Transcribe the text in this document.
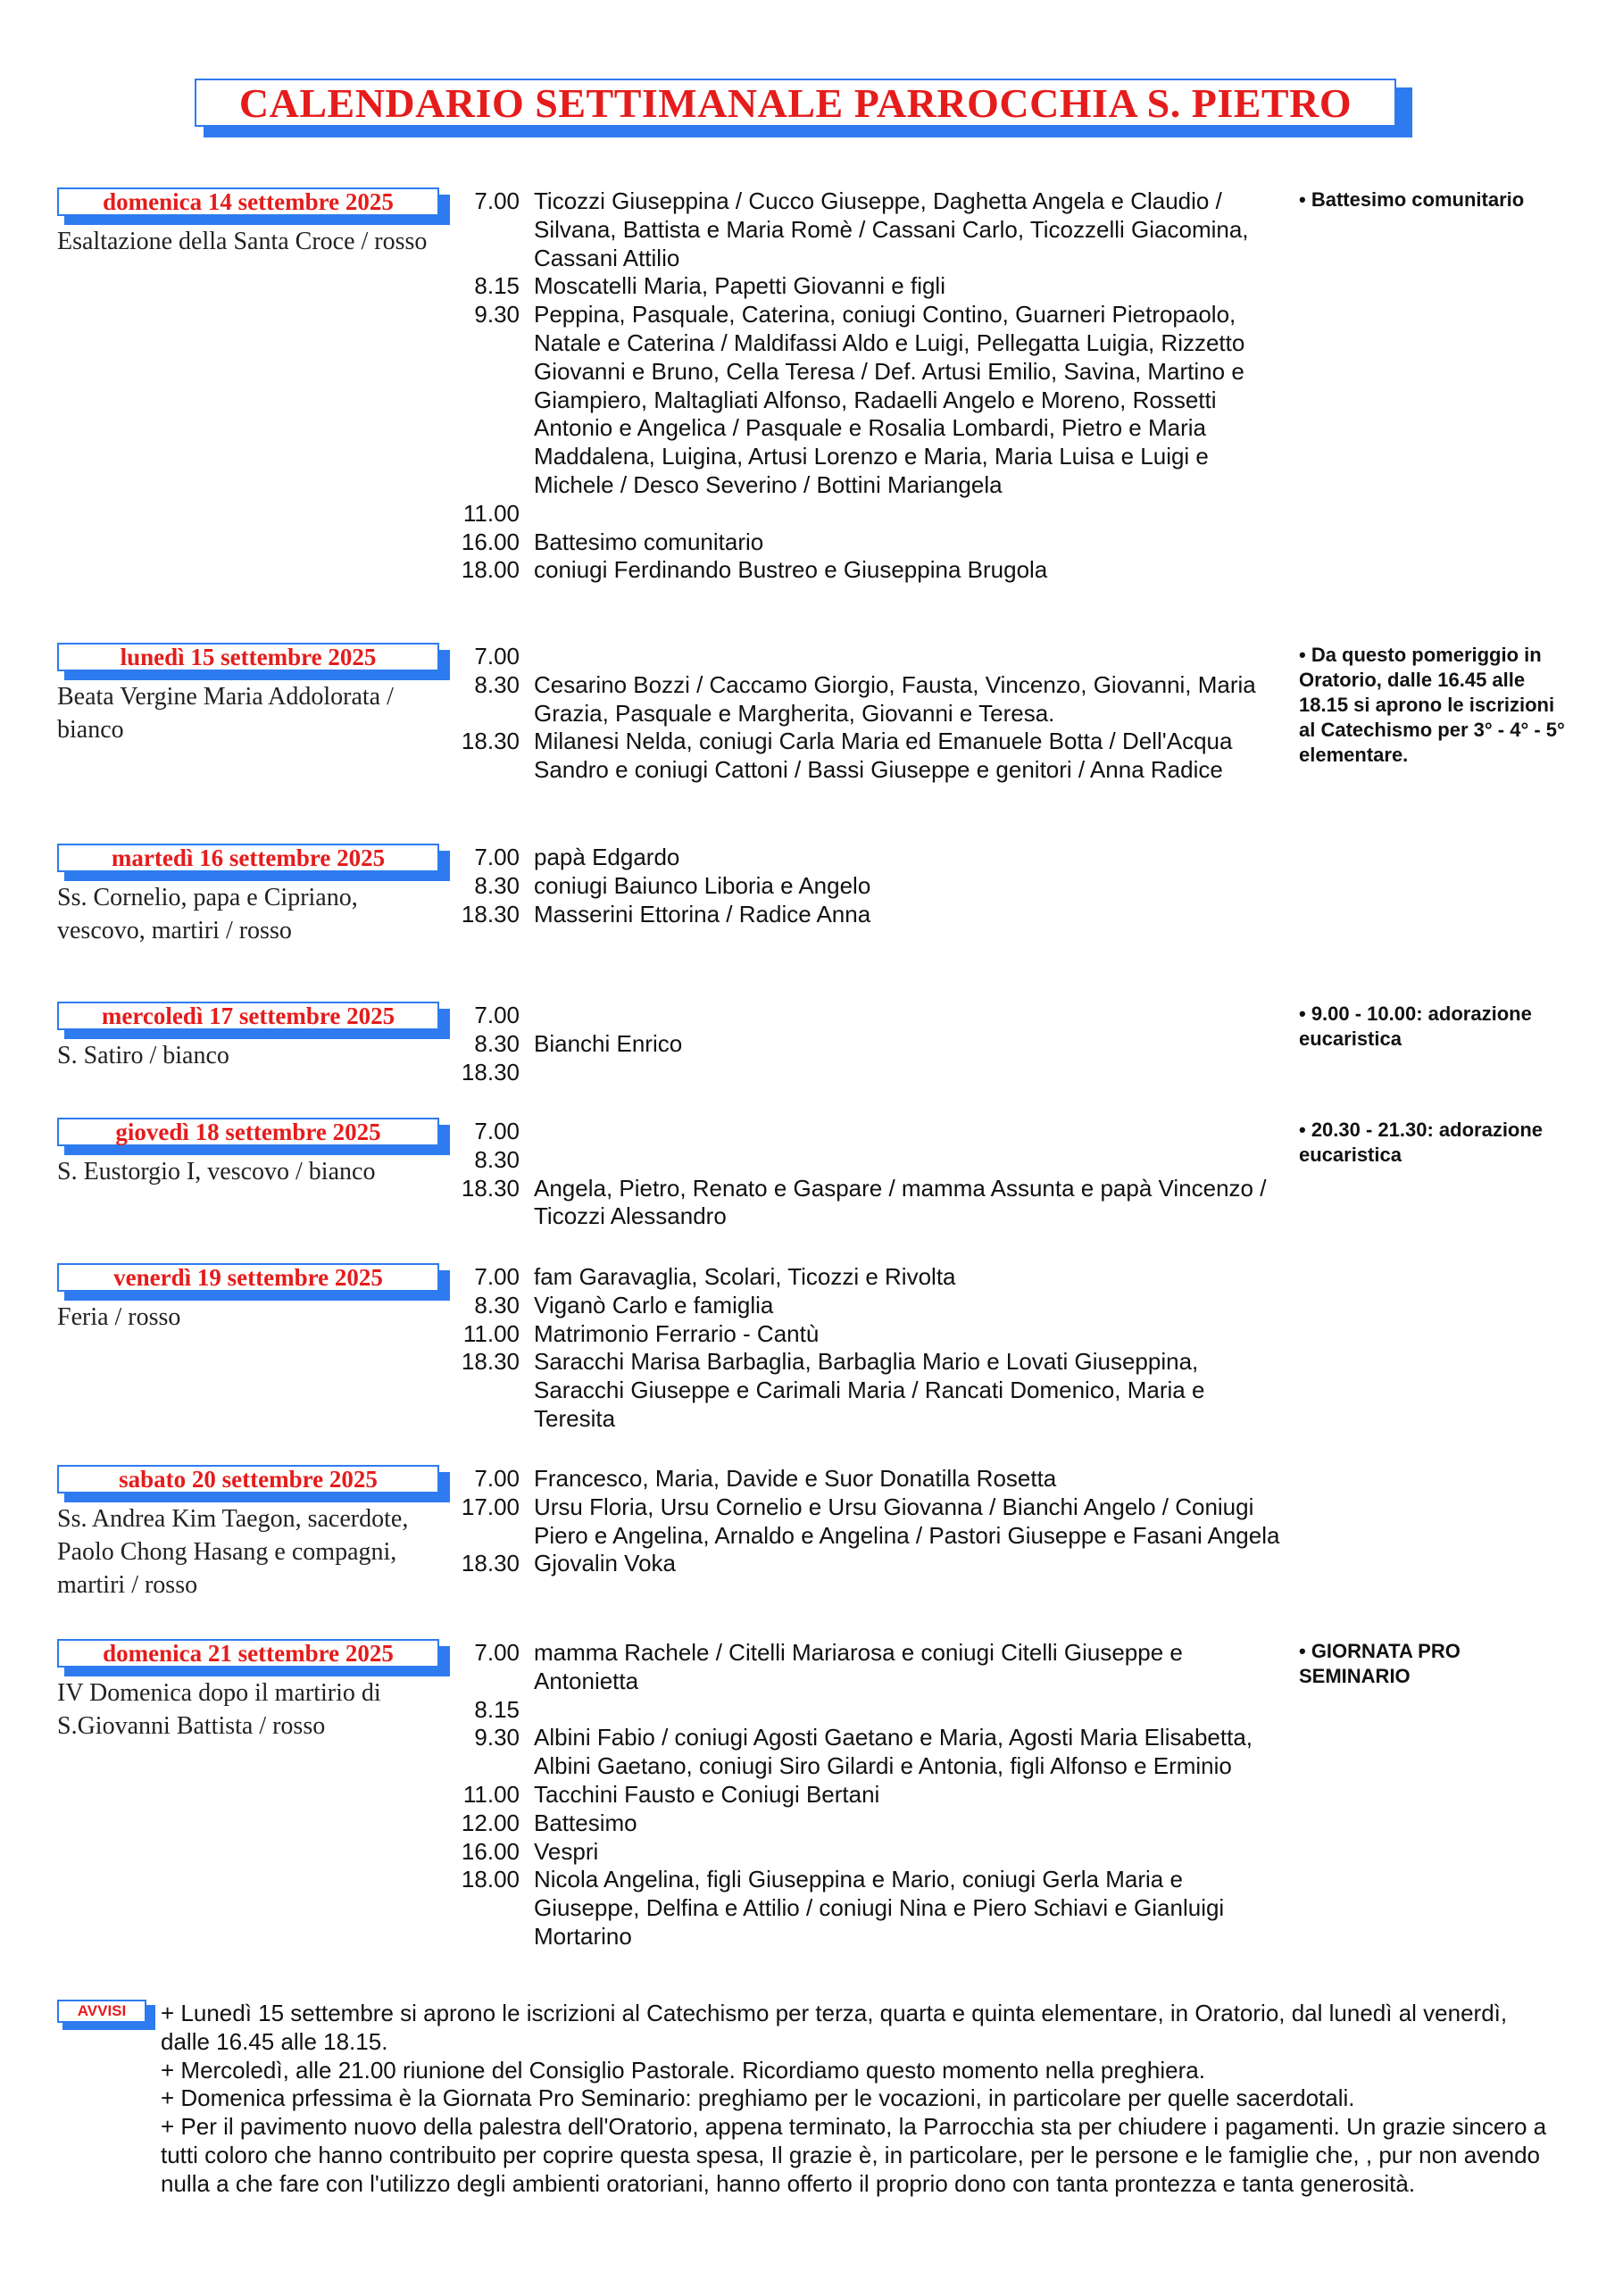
CALENDARIO SETTIMANALE PARROCCHIA S. PIETRO
domenica 14 settembre 2025
Esaltazione della Santa Croce / rosso
7.00 Ticozzi Giuseppina / Cucco Giuseppe, Daghetta Angela e Claudio / Silvana, Battista e Maria Romè / Cassani Carlo, Ticozzelli Giacomina, Cassani Attilio
8.15 Moscatelli Maria, Papetti Giovanni e figli
9.30 Peppina, Pasquale, Caterina, coniugi Contino, Guarneri Pietropaolo, Natale e Caterina / Maldifassi Aldo e Luigi, Pellegatta Luigia, Rizzetto Giovanni e Bruno, Cella Teresa / Def. Artusi Emilio, Savina, Martino e Giampiero, Maltagliati Alfonso, Radaelli Angelo e Moreno, Rossetti Antonio e Angelica / Pasquale e Rosalia Lombardi, Pietro e Maria Maddalena, Luigina, Artusi Lorenzo e Maria, Maria Luisa e Luigi e Michele / Desco Severino / Bottini Mariangela
11.00
16.00 Battesimo comunitario
18.00 coniugi Ferdinando Bustreo e Giuseppina Brugola
• Battesimo comunitario
lunedì 15 settembre 2025
Beata Vergine Maria Addolorata / bianco
7.00
8.30 Cesarino Bozzi / Caccamo Giorgio, Fausta, Vincenzo, Giovanni, Maria Grazia, Pasquale e Margherita, Giovanni e Teresa.
18.30 Milanesi Nelda, coniugi Carla Maria ed Emanuele Botta / Dell'Acqua Sandro e coniugi Cattoni / Bassi Giuseppe e genitori / Anna Radice
• Da questo pomeriggio in Oratorio, dalle 16.45 alle 18.15 si aprono le iscrizioni al Catechismo per 3° - 4° - 5° elementare.
martedì 16 settembre 2025
Ss. Cornelio, papa e Cipriano, vescovo, martiri / rosso
7.00 papà Edgardo
8.30 coniugi Baiunco Liboria e Angelo
18.30 Masserini Ettorina / Radice Anna
mercoledì 17 settembre 2025
S. Satiro / bianco
7.00
8.30 Bianchi Enrico
18.30
• 9.00 - 10.00: adorazione eucaristica
giovedì 18 settembre 2025
S. Eustorgio I, vescovo / bianco
7.00
8.30
18.30 Angela, Pietro, Renato e Gaspare / mamma Assunta e papà Vincenzo / Ticozzi Alessandro
• 20.30 - 21.30: adorazione eucaristica
venerdì 19 settembre 2025
Feria / rosso
7.00 fam Garavaglia, Scolari, Ticozzi e Rivolta
8.30 Viganò Carlo e famiglia
11.00 Matrimonio Ferrario - Cantù
18.30 Saracchi Marisa Barbaglia, Barbaglia Mario e Lovati Giuseppina, Saracchi Giuseppe e Carimali Maria / Rancati Domenico, Maria e Teresita
sabato 20 settembre 2025
Ss. Andrea Kim Taegon, sacerdote, Paolo Chong Hasang e compagni, martiri / rosso
7.00 Francesco, Maria, Davide e Suor Donatilla Rosetta
17.00 Ursu Floria, Ursu Cornelio e Ursu Giovanna / Bianchi Angelo / Coniugi Piero e Angelina, Arnaldo e Angelina / Pastori Giuseppe e Fasani Angela
18.30 Gjovalin Voka
domenica 21 settembre 2025
IV Domenica dopo il martirio di S.Giovanni Battista / rosso
7.00 mamma Rachele / Citelli Mariarosa e coniugi Citelli Giuseppe e Antonietta
8.15
9.30 Albini Fabio / coniugi Agosti Gaetano e Maria, Agosti Maria Elisabetta, Albini Gaetano, coniugi Siro Gilardi e Antonia, figli Alfonso e Erminio
11.00 Tacchini Fausto e Coniugi Bertani
12.00 Battesimo
16.00 Vespri
18.00 Nicola Angelina, figli Giuseppina e Mario, coniugi Gerla Maria e Giuseppe, Delfina e Attilio / coniugi Nina e Piero Schiavi e Gianluigi Mortarino
• GIORNATA PRO SEMINARIO
AVVISI + Lunedì 15 settembre si aprono le iscrizioni al Catechismo per terza, quarta e quinta elementare, in Oratorio, dal lunedì al venerdì, dalle 16.45 alle 18.15.

+ Mercoledì, alle 21.00 riunione del Consiglio Pastorale. Ricordiamo questo momento nella preghiera.

+ Domenica prfessima è la Giornata Pro Seminario: preghiamo per le vocazioni, in particolare per quelle sacerdotali.

+ Per il pavimento nuovo della palestra dell'Oratorio, appena terminato, la Parrocchia sta per chiudere i pagamenti. Un grazie sincero a tutti coloro che hanno contribuito per coprire questa spesa, Il grazie è, in particolare, per le persone e le famiglie che, , pur non avendo nulla a che fare con l'utilizzo degli ambienti oratoriani, hanno offerto il proprio dono con tanta prontezza e tanta generosità.
